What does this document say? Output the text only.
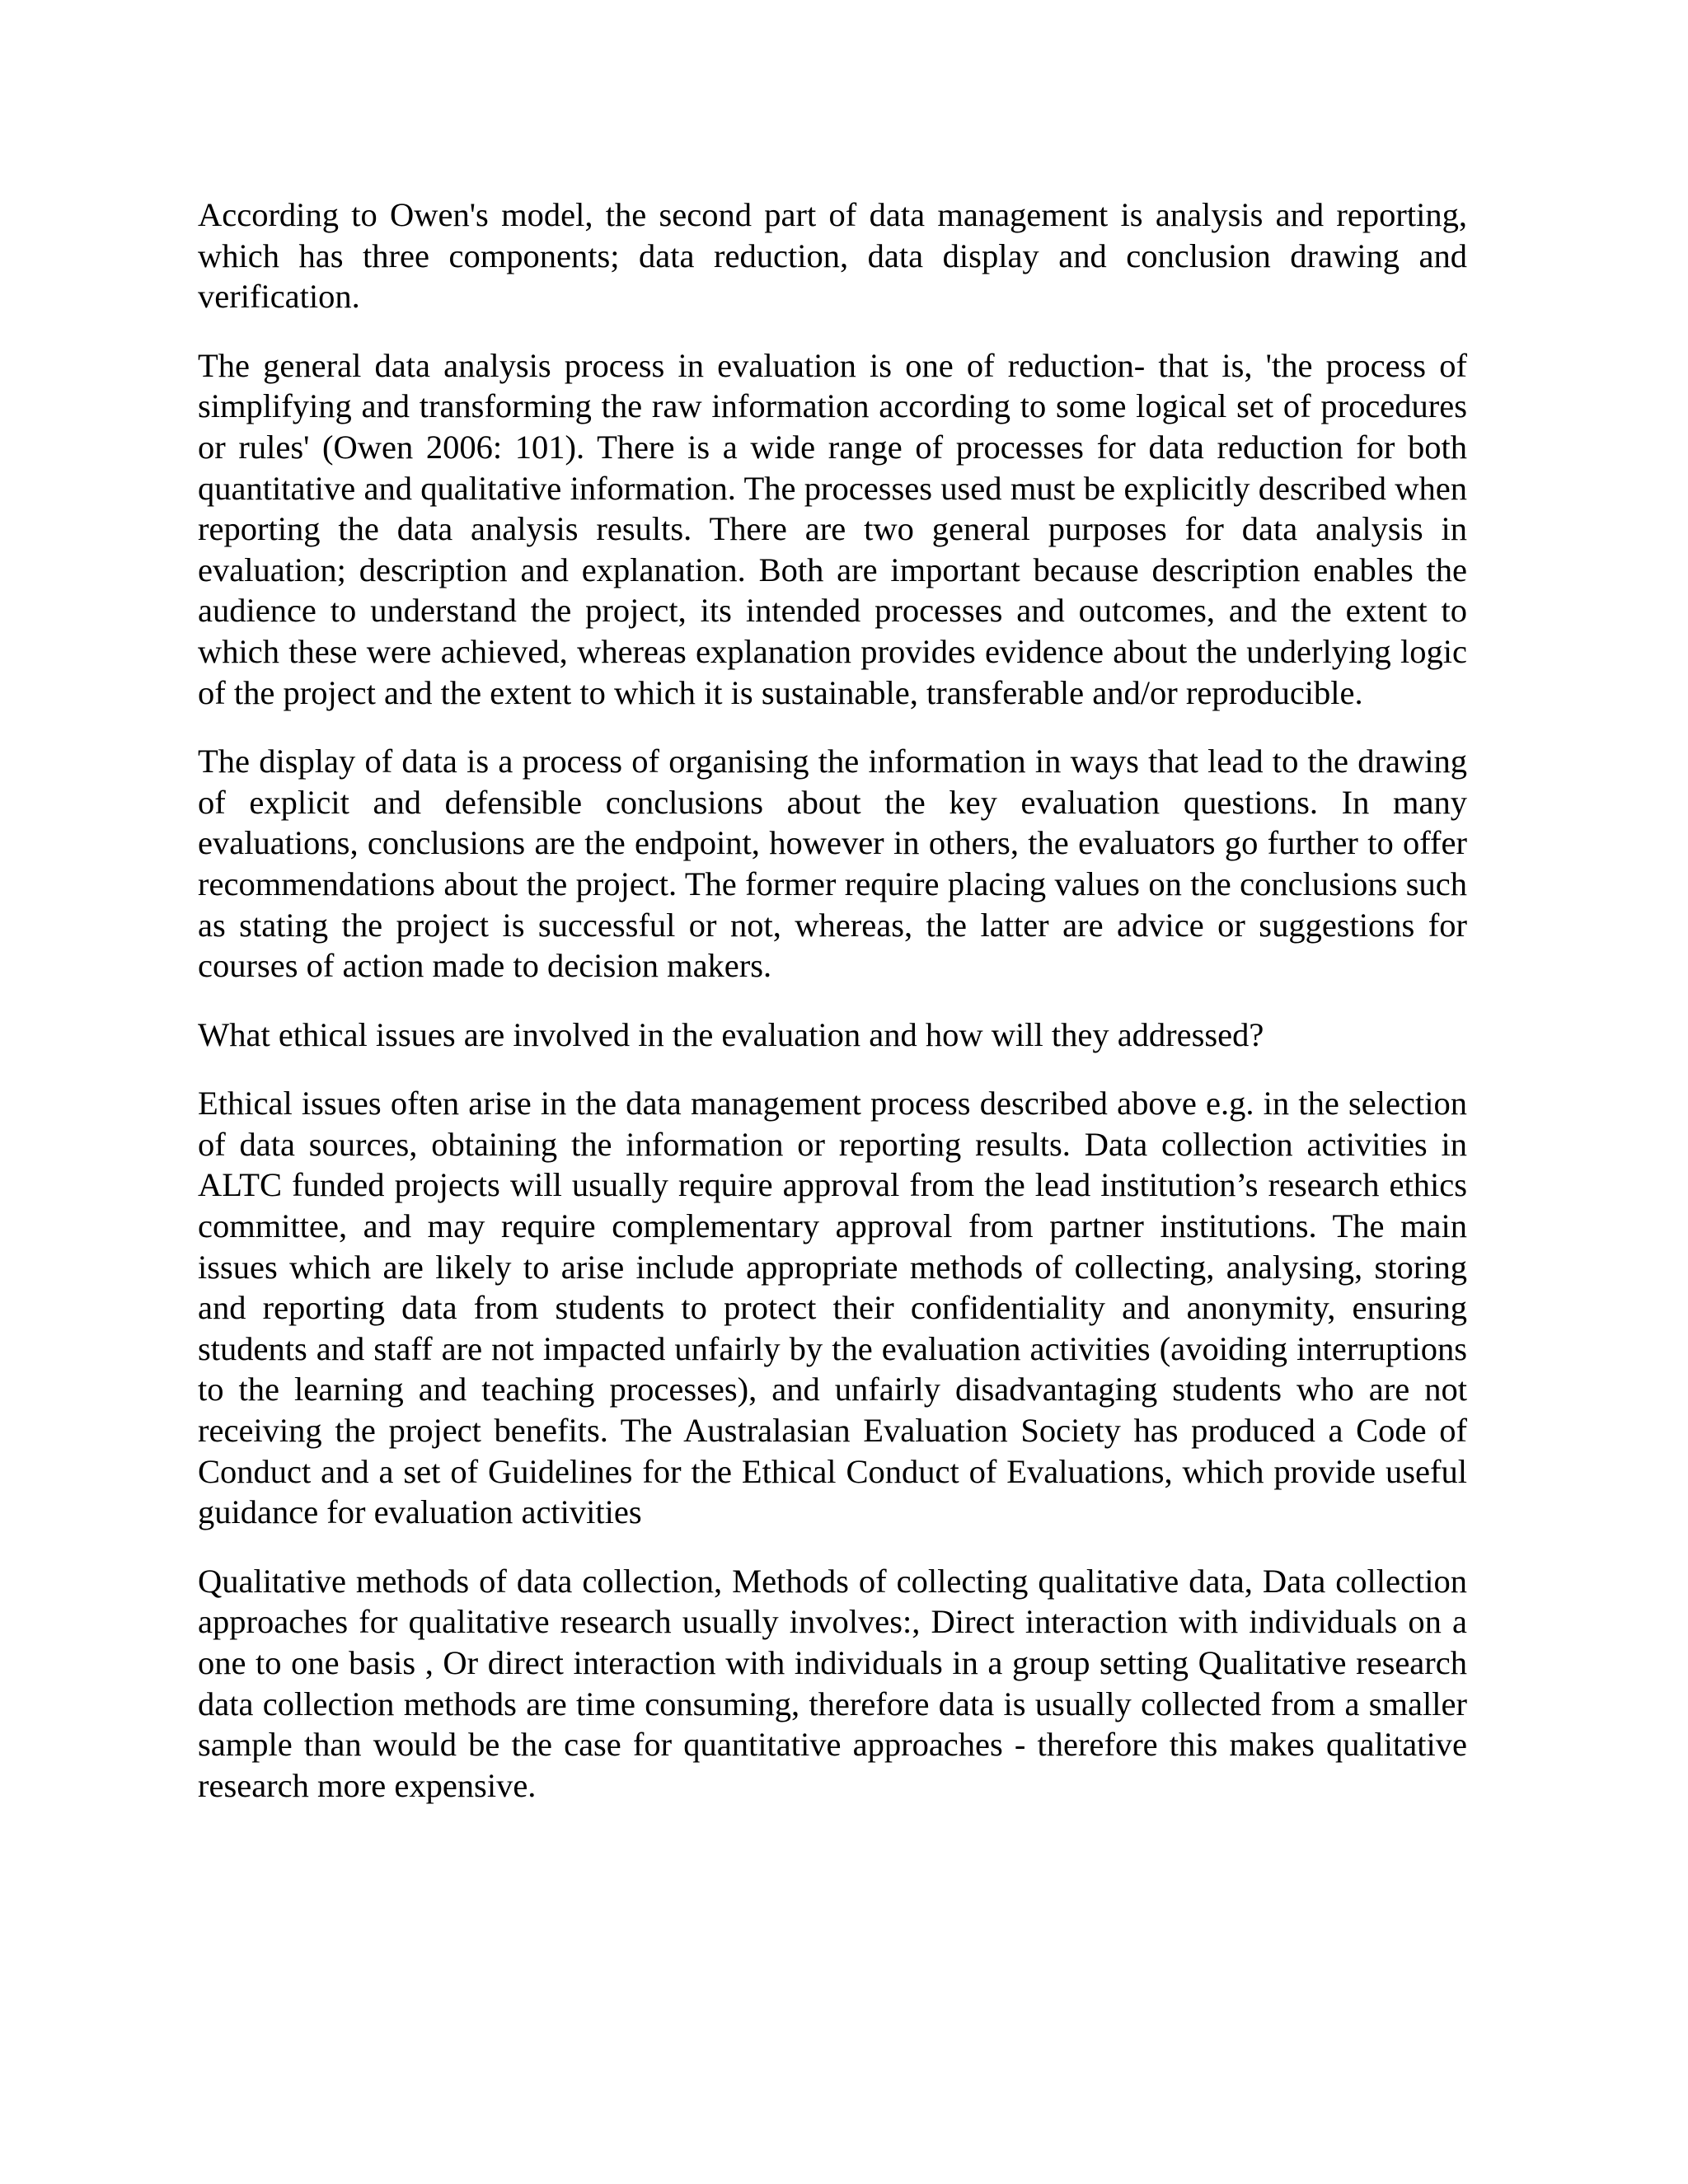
According to Owen's model, the second part of data management is analysis and reporting, which has three components; data reduction, data display and conclusion drawing and verification.

The general data analysis process in evaluation is one of reduction- that is, 'the process of simplifying and transforming the raw information according to some logical set of procedures or rules' (Owen 2006: 101). There is a wide range of processes for data reduction for both quantitative and qualitative information. The processes used must be explicitly described when reporting the data analysis results. There are two general purposes for data analysis in evaluation; description and explanation. Both are important because description enables the audience to understand the project, its intended processes and outcomes, and the extent to which these were achieved, whereas explanation provides evidence about the underlying logic of the project and the extent to which it is sustainable, transferable and/or reproducible.

The display of data is a process of organising the information in ways that lead to the drawing of explicit and defensible conclusions about the key evaluation questions. In many evaluations, conclusions are the endpoint, however in others, the evaluators go further to offer recommendations about the project. The former require placing values on the conclusions such as stating the project is successful or not, whereas, the latter are advice or suggestions for courses of action made to decision makers.

What ethical issues are involved in the evaluation and how will they addressed?

Ethical issues often arise in the data management process described above e.g. in the selection of data sources, obtaining the information or reporting results. Data collection activities in ALTC funded projects will usually require approval from the lead institution’s research ethics committee, and may require complementary approval from partner institutions. The main issues which are likely to arise include appropriate methods of collecting, analysing, storing and reporting data from students to protect their confidentiality and anonymity, ensuring students and staff are not impacted unfairly by the evaluation activities (avoiding interruptions to the learning and teaching processes), and unfairly disadvantaging students who are not receiving the project benefits. The Australasian Evaluation Society has produced a Code of Conduct and a set of Guidelines for the Ethical Conduct of Evaluations, which provide useful guidance for evaluation activities

Qualitative methods of data collection, Methods of collecting qualitative data, Data collection approaches for qualitative research usually involves:, Direct interaction with individuals on a one to one basis , Or direct interaction with individuals in a group setting Qualitative research data collection methods are time consuming, therefore data is usually collected from a smaller sample than would be the case for quantitative approaches - therefore this makes qualitative research more expensive.
